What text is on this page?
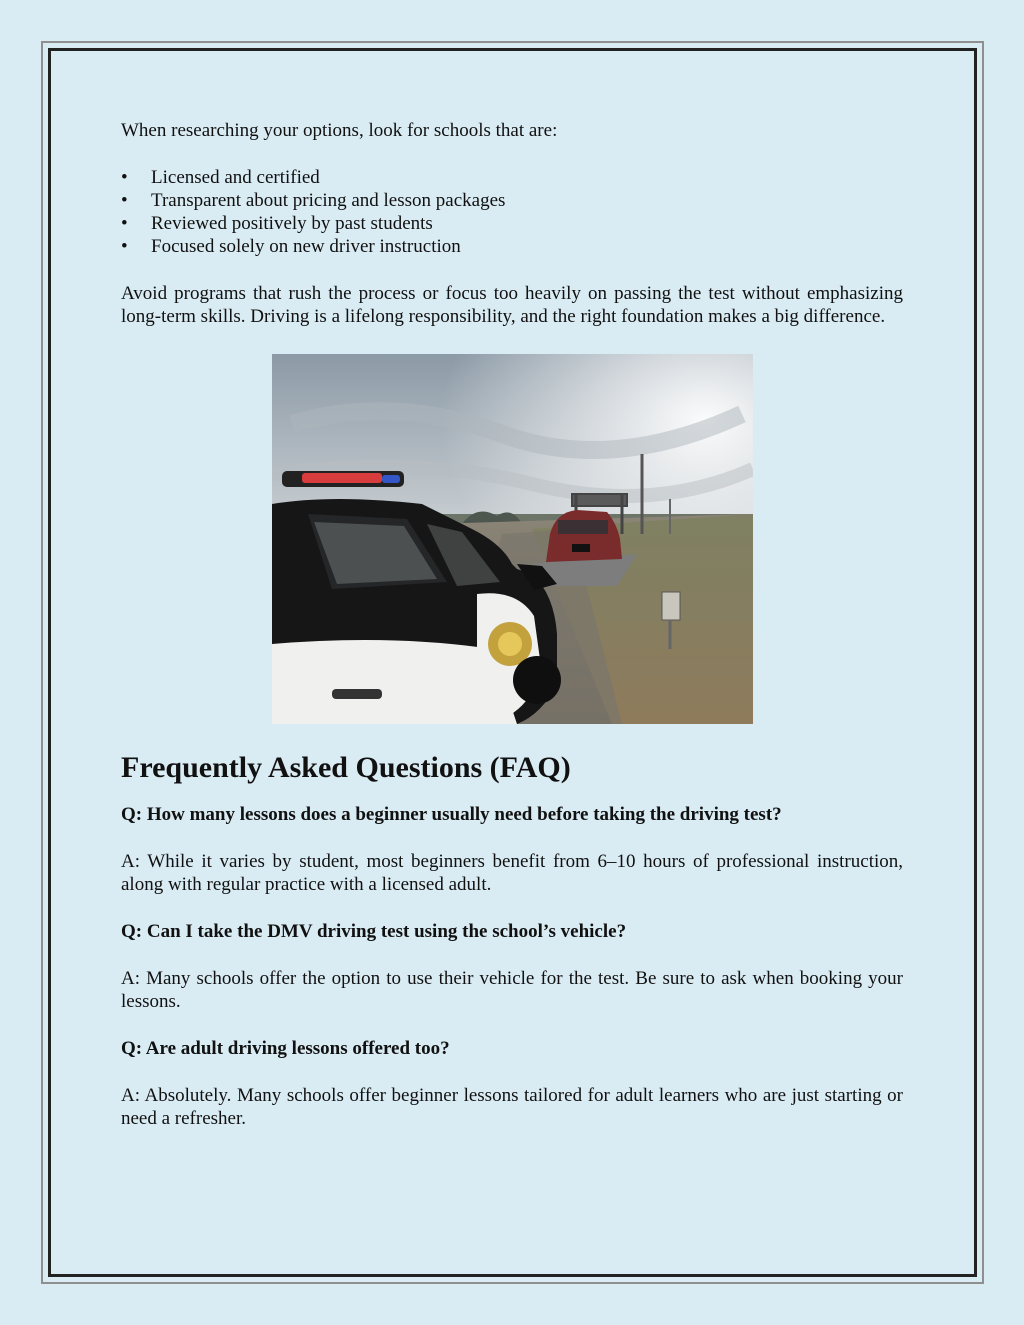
When researching your options, look for schools that are:

• Licensed and certified
• Transparent about pricing and lesson packages
• Reviewed positively by past students
• Focused solely on new driver instruction

Avoid programs that rush the process or focus too heavily on passing the test without emphasizing long-term skills. Driving is a lifelong responsibility, and the right foundation makes a big difference.

Frequently Asked Questions (FAQ)

Q: How many lessons does a beginner usually need before taking the driving test?

A: While it varies by student, most beginners benefit from 6–10 hours of professional instruction, along with regular practice with a licensed adult.

Q: Can I take the DMV driving test using the school’s vehicle?

A: Many schools offer the option to use their vehicle for the test. Be sure to ask when booking your lessons.

Q: Are adult driving lessons offered too?

A: Absolutely. Many schools offer beginner lessons tailored for adult learners who are just starting or need a refresher.
